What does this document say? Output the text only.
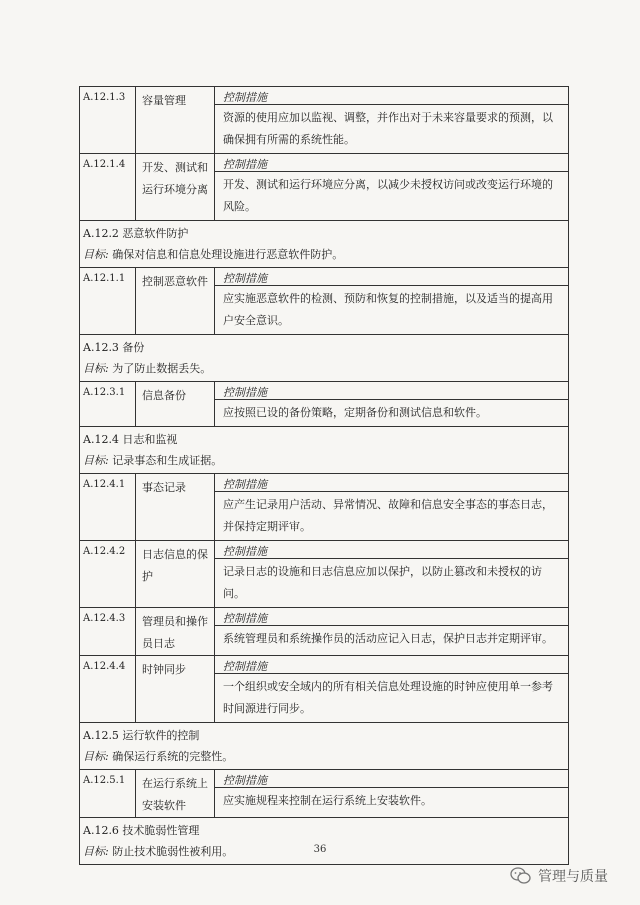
A.12.1.3	容量管理	控制措施
资源的使用应加以监视、调整，并作出对于未来容量要求的预测，以确保拥有所需的系统性能。
A.12.1.4	开发、测试和运行环境分离
控制措施
开发、测试和运行环境应分离，以减少未授权访问或改变运行环境的风险。
A.12.2 恶意软件防护
目标: 确保对信息和信息处理设施进行恶意软件防护。
A.12.1.1	控制恶意软件	控制措施
应实施恶意软件的检测、预防和恢复的控制措施，以及适当的提高用户安全意识。
A.12.3 备份
目标: 为了防止数据丢失。
A.12.3.1	信息备份	控制措施
应按照已设的备份策略，定期备份和测试信息和软件。
A.12.4 日志和监视
目标: 记录事态和生成证据。
A.12.4.1	事态记录	控制措施
应产生记录用户活动、异常情况、故障和信息安全事态的事态日志，并保持定期评审。
A.12.4.2	日志信息的保护
控制措施
记录日志的设施和日志信息应加以保护，以防止篡改和未授权的访问。
A.12.4.3	管理员和操作员日志
控制措施
系统管理员和系统操作员的活动应记入日志，保护日志并定期评审。
A.12.4.4	时钟同步	控制措施
一个组织或安全域内的所有相关信息处理设施的时钟应使用单一参考时间源进行同步。
A.12.5 运行软件的控制
目标: 确保运行系统的完整性。
A.12.5.1	在运行系统上安装软件
控制措施
应实施规程来控制在运行系统上安装软件。
A.12.6 技术脆弱性管理
目标: 防止技术脆弱性被利用。	36
管理与质量
